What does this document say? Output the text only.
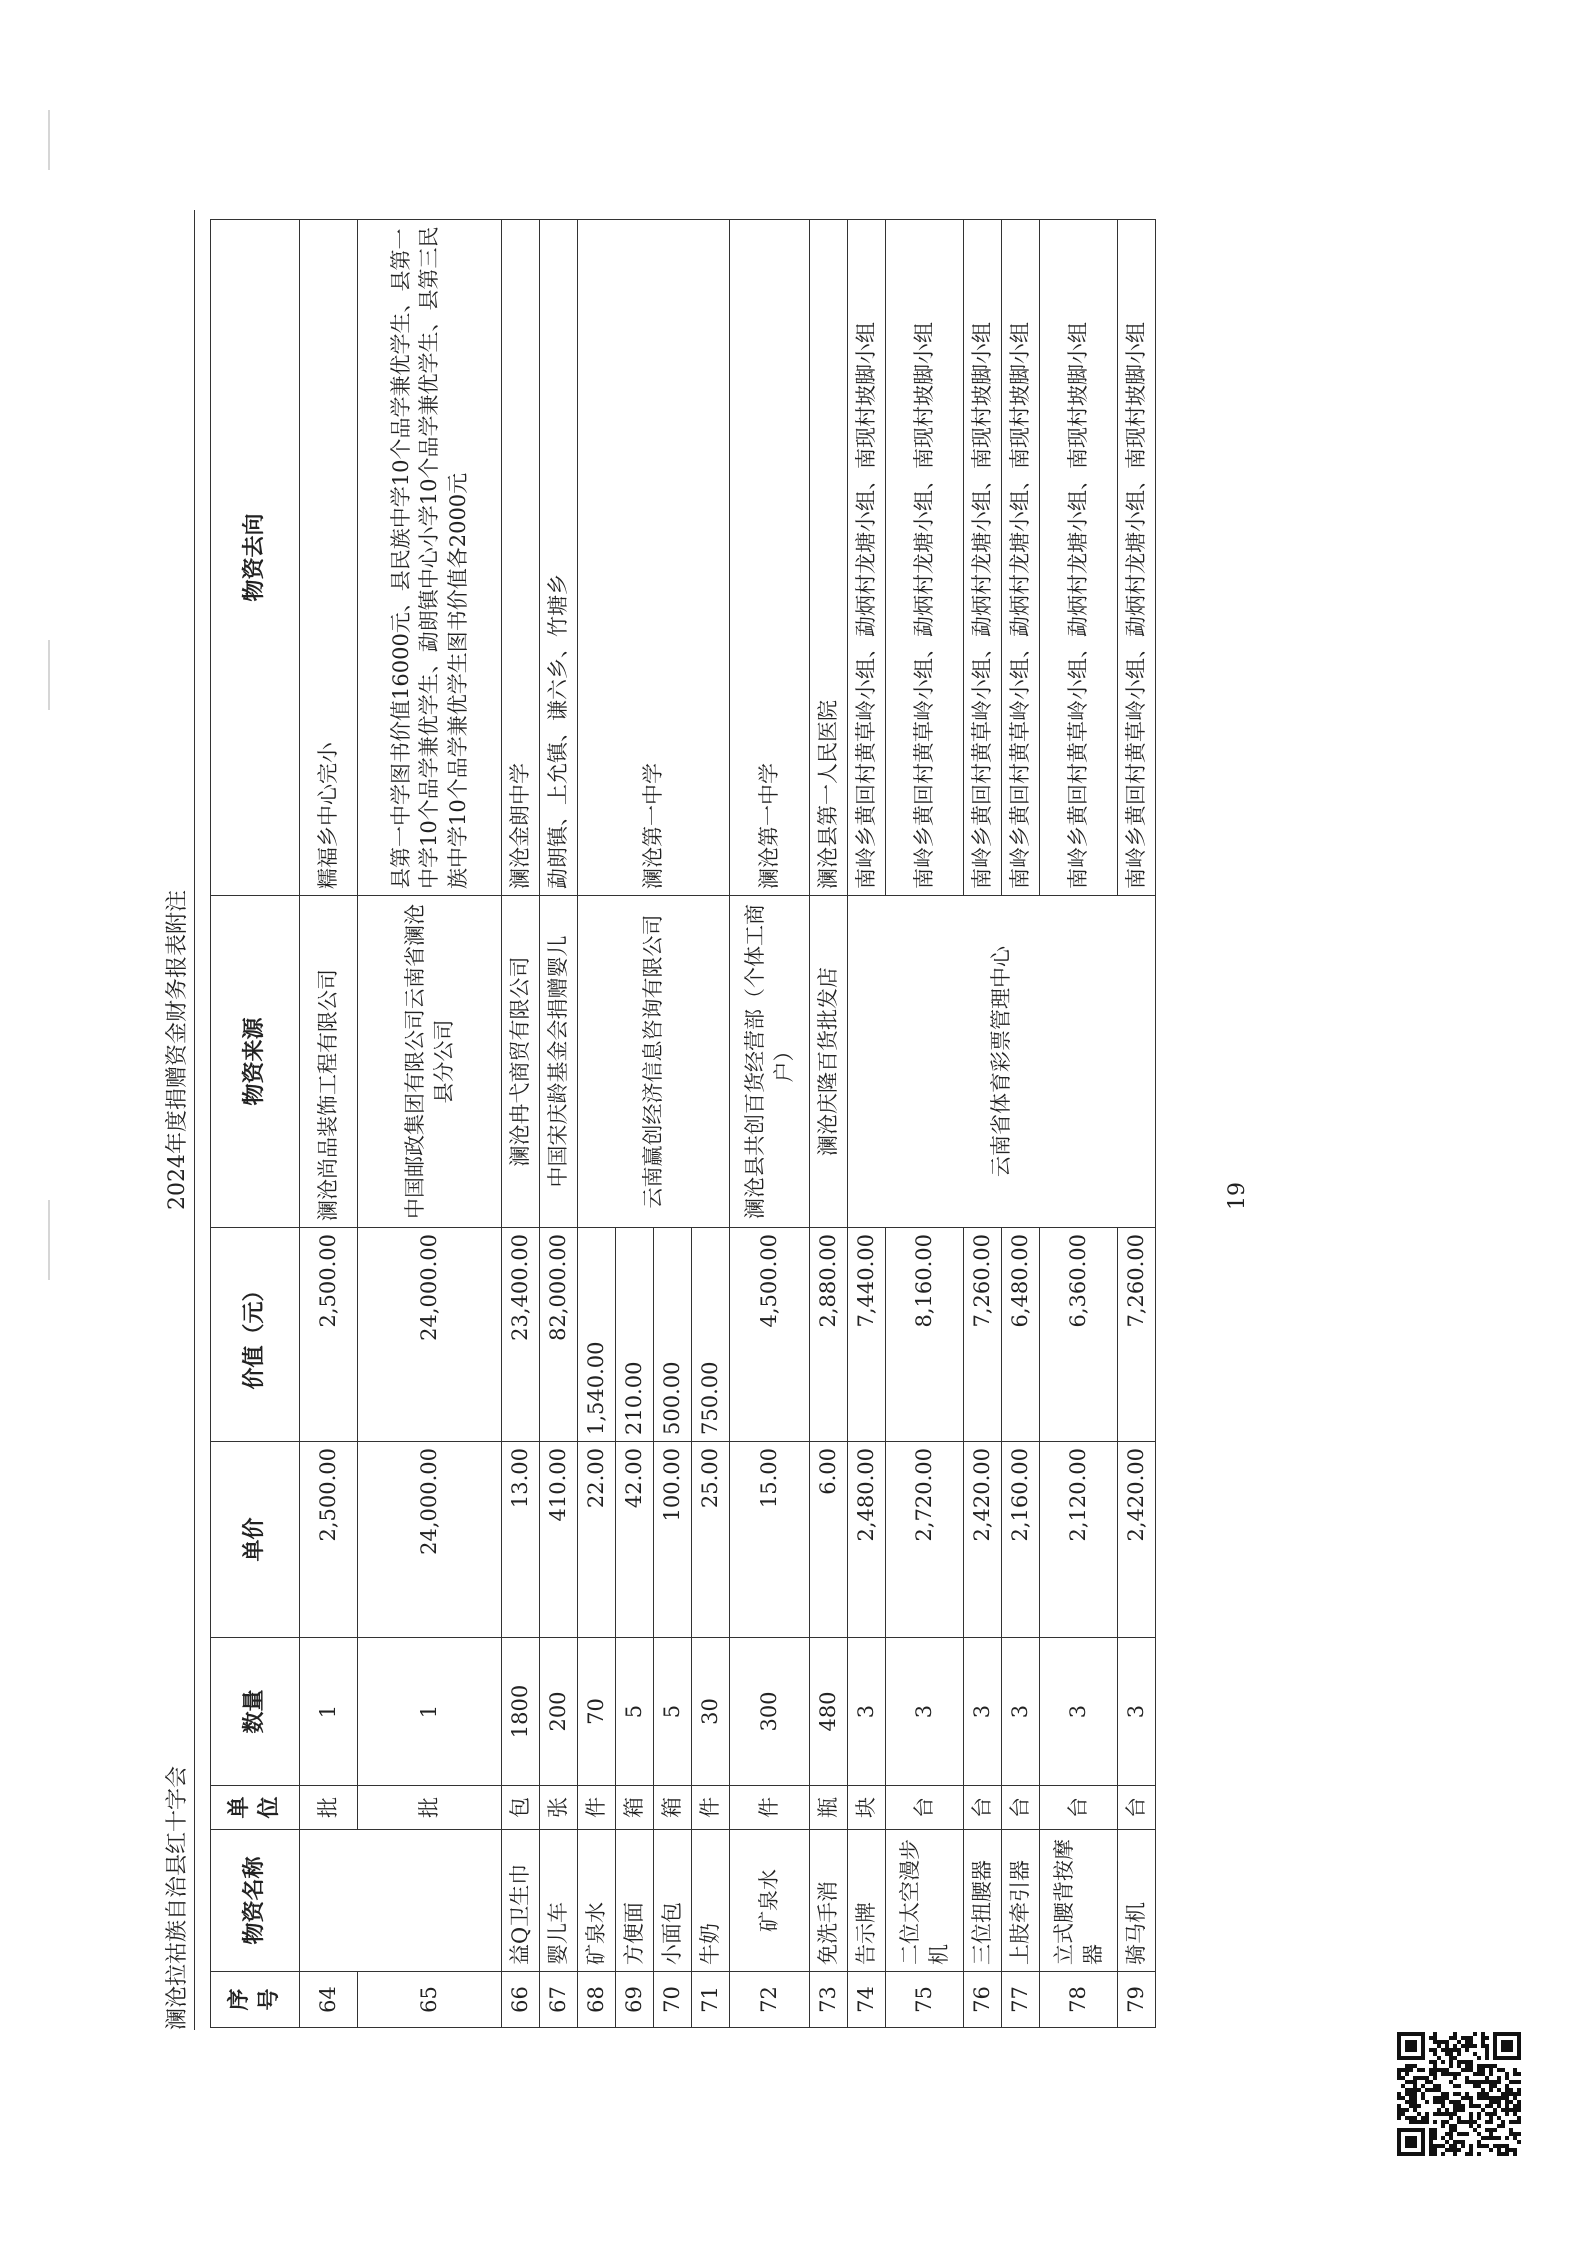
澜沧拉祜族自治县红十字会
2024年度捐赠资金财务报表附注
序号	物资名称	单位	数量	单价	价值（元）	物资来源	物资去向
64		批	1	2,500.00	2,500.00	澜沧尚品装饰工程有限公司	糯福乡中心完小
65		批	1	24,000.00	24,000.00	中国邮政集团有限公司云南省澜沧县分公司	县第一中学图书价值16000元、县民族中学10个品学兼优学生、县第一中学10个品学兼优学生、勐朗镇中心小学10个品学兼优学生、县第三民族中学10个品学兼优学生图书价值各2000元
66	益Q卫生巾	包	1800	13.00	23,400.00	澜沧冉弋商贸有限公司	澜沧金朗中学
67	婴儿车	张	200	410.00	82,000.00	中国宋庆龄基金会捐赠婴儿	勐朗镇、上允镇、谦六乡、竹塘乡
68	矿泉水	件	70	22.00	1,540.00	云南赢创经济信息咨询有限公司	澜沧第一中学
69	方便面	箱	5	42.00	210.00		
70	小面包	箱	5	100.00	500.00		
71	牛奶	件	30	25.00	750.00		
72	矿泉水	件	300	15.00	4,500.00	澜沧县共创百货经营部（个体工商户）	澜沧第一中学
73	免洗手消	瓶	480	6.00	2,880.00	澜沧庆隆百货批发店	澜沧县第一人民医院
74	告示牌	块	3	2,480.00	7,440.00	云南省体育彩票管理中心	南岭乡黄回村黄草岭小组、勐炳村龙塘小组、南现村坡脚小组
75	二位太空漫步机	台	3	2,720.00	8,160.00		南岭乡黄回村黄草岭小组、勐炳村龙塘小组、南现村坡脚小组
76	三位扭腰器	台	3	2,420.00	7,260.00		南岭乡黄回村黄草岭小组、勐炳村龙塘小组、南现村坡脚小组
77	上肢牵引器	台	3	2,160.00	6,480.00		南岭乡黄回村黄草岭小组、勐炳村龙塘小组、南现村坡脚小组
78	立式腰背按摩器	台	3	2,120.00	6,360.00		南岭乡黄回村黄草岭小组、勐炳村龙塘小组、南现村坡脚小组
79	骑马机	台	3	2,420.00	7,260.00		南岭乡黄回村黄草岭小组、勐炳村龙塘小组、南现村坡脚小组
19
